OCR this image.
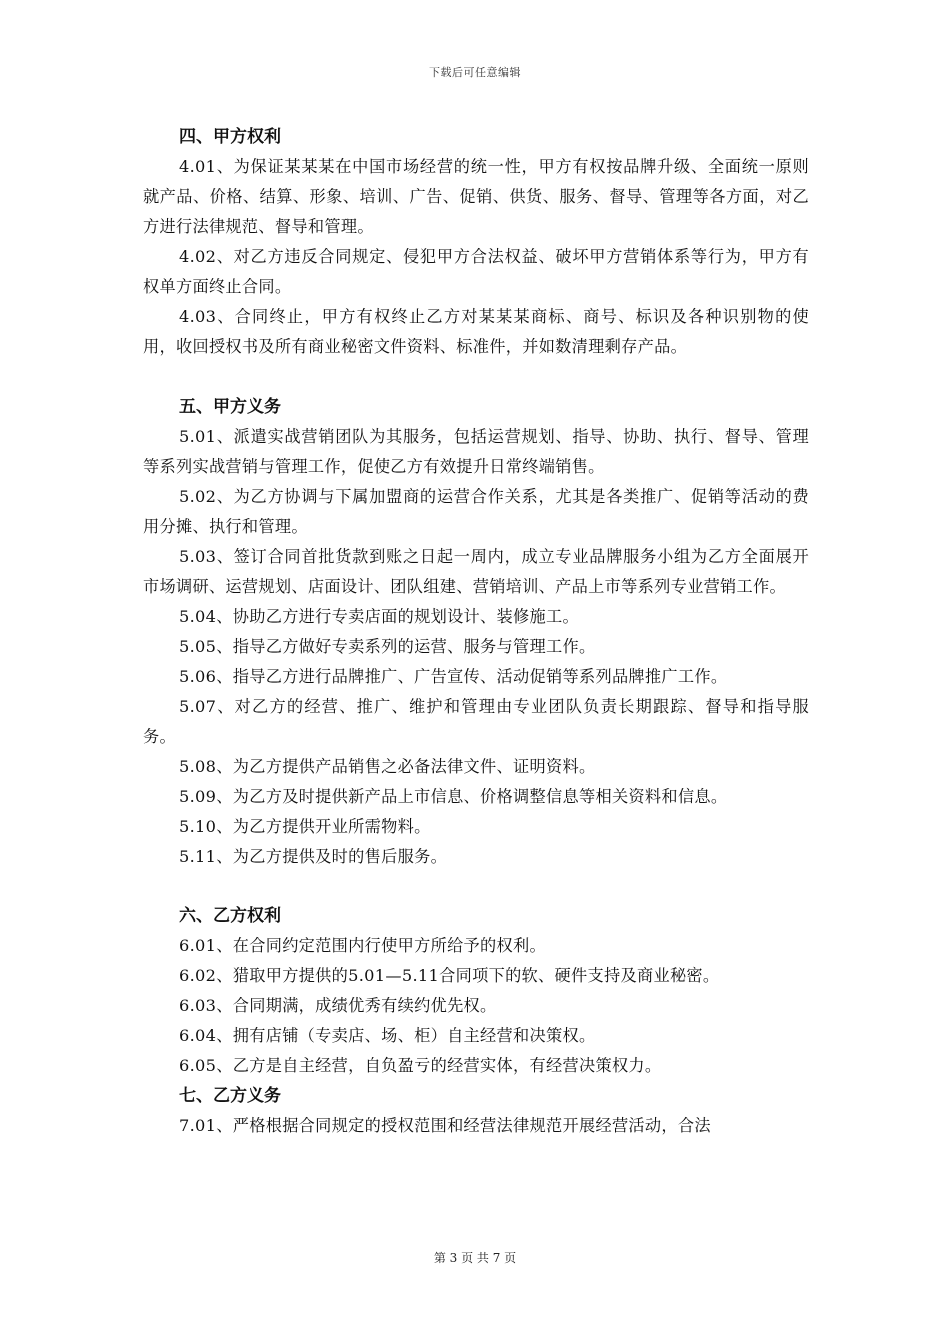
下载后可任意编辑
四、甲方权利

4.01、为保证某某某在中国市场经营的统一性，甲方有权按品牌升级、全面统一原则就产品、价格、结算、形象、培训、广告、促销、供货、服务、督导、管理等各方面，对乙方进行法律规范、督导和管理。

4.02、对乙方违反合同规定、侵犯甲方合法权益、破坏甲方营销体系等行为，甲方有权单方面终止合同。

4.03、合同终止，甲方有权终止乙方对某某某商标、商号、标识及各种识别物的使用，收回授权书及所有商业秘密文件资料、标准件，并如数清理剩存产品。

五、甲方义务

5.01、派遣实战营销团队为其服务，包括运营规划、指导、协助、执行、督导、管理等系列实战营销与管理工作，促使乙方有效提升日常终端销售。

5.02、为乙方协调与下属加盟商的运营合作关系，尤其是各类推广、促销等活动的费用分摊、执行和管理。

5.03、签订合同首批货款到账之日起一周内，成立专业品牌服务小组为乙方全面展开市场调研、运营规划、店面设计、团队组建、营销培训、产品上市等系列专业营销工作。

5.04、协助乙方进行专卖店面的规划设计、装修施工。

5.05、指导乙方做好专卖系列的运营、服务与管理工作。

5.06、指导乙方进行品牌推广、广告宣传、活动促销等系列品牌推广工作。

5.07、对乙方的经营、推广、维护和管理由专业团队负责长期跟踪、督导和指导服务。

5.08、为乙方提供产品销售之必备法律文件、证明资料。

5.09、为乙方及时提供新产品上市信息、价格调整信息等相关资料和信息。

5.10、为乙方提供开业所需物料。

5.11、为乙方提供及时的售后服务。

六、乙方权利

6.01、在合同约定范围内行使甲方所给予的权利。

6.02、猎取甲方提供的5.01—5.11合同项下的软、硬件支持及商业秘密。

6.03、合同期满，成绩优秀有续约优先权。

6.04、拥有店铺（专卖店、场、柜）自主经营和决策权。

6.05、乙方是自主经营，自负盈亏的经营实体，有经营决策权力。

七、乙方义务

7.01、严格根据合同规定的授权范围和经营法律规范开展经营活动，合法

第 3 页 共 7 页
